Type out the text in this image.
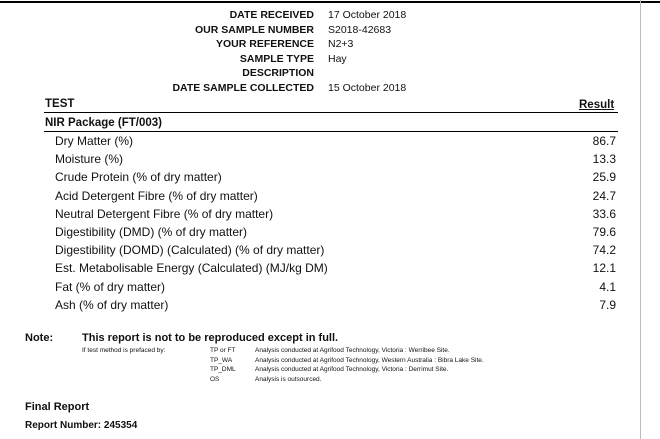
DATE RECEIVED 17 October 2018
OUR SAMPLE NUMBER S2018-42683
YOUR REFERENCE N2+3
SAMPLE TYPE Hay
DESCRIPTION
DATE SAMPLE COLLECTED 15 October 2018
TEST	Result
NIR Package (FT/003)
Dry Matter (%)	86.7
Moisture (%)	13.3
Crude Protein (% of dry matter)	25.9
Acid Detergent Fibre (% of dry matter)	24.7
Neutral Detergent Fibre (% of dry matter)	33.6
Digestibility (DMD) (% of dry matter)	79.6
Digestibility (DOMD) (Calculated) (% of dry matter)	74.2
Est. Metabolisable Energy (Calculated) (MJ/kg DM)	12.1
Fat (% of dry matter)	4.1
Ash (% of dry matter)	7.9
Note:	This report is not to be reproduced except in full.
If test method is prefaced by:	TP or FT	Analysis conducted at Agrifood Technology, Victoria : Werribee Site.
TP_WA	Analysis conducted at Agrifood Technology, Western Australia : Bibra Lake Site.
TP_DML	Analysis conducted at Agrifood Technology, Victoria : Derrimut Site.
OS	Analysis is outsourced.
Final Report
Report Number: 245354
